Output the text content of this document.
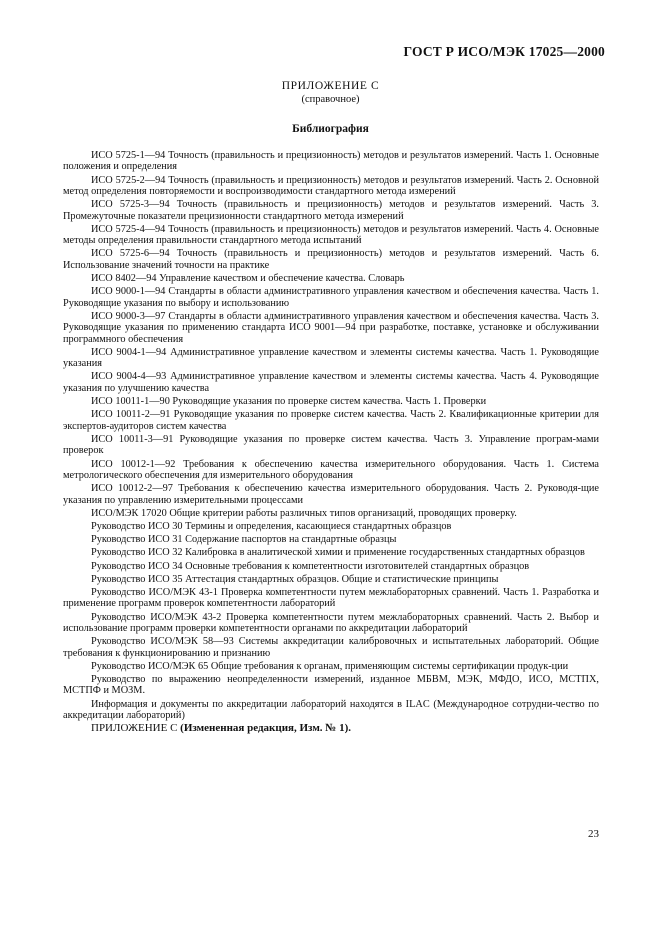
ГОСТ Р ИСО/МЭК 17025—2000
ПРИЛОЖЕНИЕ С
(справочное)
Библиография
ИСО 5725-1—94 Точность (правильность и прецизионность) методов и результатов измерений. Часть 1. Основные положения и определения
ИСО 5725-2—94 Точность (правильность и прецизионность) методов и результатов измерений. Часть 2. Основной метод определения повторяемости и воспроизводимости стандартного метода измерений
ИСО 5725-3—94 Точность (правильность и прецизионность) методов и результатов измерений. Часть 3. Промежуточные показатели прецизионности стандартного метода измерений
ИСО 5725-4—94 Точность (правильность и прецизионность) методов и результатов измерений. Часть 4. Основные методы определения правильности стандартного метода испытаний
ИСО 5725-6—94 Точность (правильность и прецизионность) методов и результатов измерений. Часть 6. Использование значений точности на практике
ИСО 8402—94 Управление качеством и обеспечение качества. Словарь
ИСО 9000-1—94 Стандарты в области административного управления качеством и обеспечения качества. Часть 1. Руководящие указания по выбору и использованию
ИСО 9000-3—97 Стандарты в области административного управления качеством и обеспечения качества. Часть 3. Руководящие указания по применению стандарта ИСО 9001—94 при разработке, поставке, установке и обслуживании программного обеспечения
ИСО 9004-1—94 Административное управление качеством и элементы системы качества. Часть 1. Руководящие указания
ИСО 9004-4—93 Административное управление качеством и элементы системы качества. Часть 4. Руководящие указания по улучшению качества
ИСО 10011-1—90 Руководящие указания по проверке систем качества. Часть 1. Проверки
ИСО 10011-2—91 Руководящие указания по проверке систем качества. Часть 2. Квалификационные критерии для экспертов-аудиторов систем качества
ИСО 10011-3—91 Руководящие указания по проверке систем качества. Часть 3. Управление програм-мами проверок
ИСО 10012-1—92 Требования к обеспечению качества измерительного оборудования. Часть 1. Система метрологического обеспечения для измерительного оборудования
ИСО 10012-2—97 Требования к обеспечению качества измерительного оборудования. Часть 2. Руководя-щие указания по управлению измерительными процессами
ИСО/МЭК 17020 Общие критерии работы различных типов организаций, проводящих проверку.
Руководство ИСО 30 Термины и определения, касающиеся стандартных образцов
Руководство ИСО 31 Содержание паспортов на стандартные образцы
Руководство ИСО 32 Калибровка в аналитической химии и применение государственных стандартных образцов
Руководство ИСО 34 Основные требования к компетентности изготовителей стандартных образцов
Руководство ИСО 35 Аттестация стандартных образцов. Общие и статистические принципы
Руководство ИСО/МЭК 43-1 Проверка компетентности путем межлабораторных сравнений. Часть 1. Разработка и применение программ проверок компетентности лабораторий
Руководство ИСО/МЭК 43-2 Проверка компетентности путем межлабораторных сравнений. Часть 2. Выбор и использование программ проверки компетентности органами по аккредитации лабораторий
Руководство ИСО/МЭК 58—93 Системы аккредитации калибровочных и испытательных лабораторий. Общие требования к функционированию и признанию
Руководство ИСО/МЭК 65 Общие требования к органам, применяющим системы сертификации продук-ции
Руководство по выражению неопределенности измерений, изданное МБВМ, МЭК, МФДО, ИСО, МСТПХ, МСТПФ и МОЗМ.
Информация и документы по аккредитации лабораторий находятся в ILAC (Международное сотрудни-чество по аккредитации лабораторий)
ПРИЛОЖЕНИЕ С (Измененная редакция, Изм. № 1).
23
